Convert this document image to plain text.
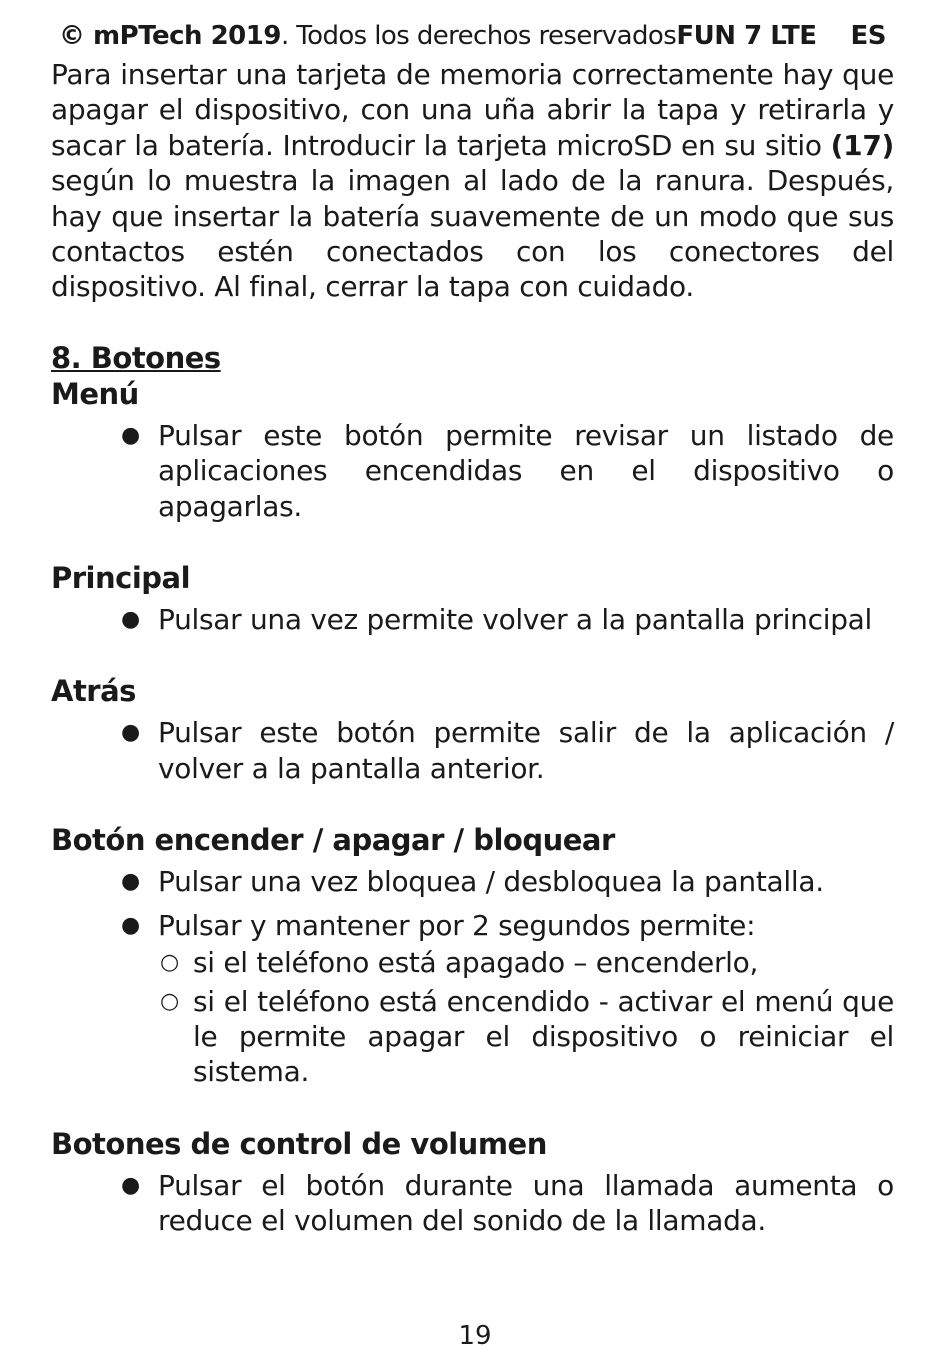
© mPTech 2019. Todos los derechos reservados.
FUN 7 LTE ES

Para insertar una tarjeta de memoria correctamente hay que apagar el dispositivo, con una uña abrir la tapa y retirarla y sacar la batería. Introducir la tarjeta microSD en su sitio (17) según lo muestra la imagen al lado de la ranura. Después, hay que insertar la batería suavemente de un modo que sus contactos estén conectados con los conectores del dispositivo. Al final, cerrar la tapa con cuidado.

8. Botones
Menú
● Pulsar este botón permite revisar un listado de aplicaciones encendidas en el dispositivo o apagarlas.
Principal
● Pulsar una vez permite volver a la pantalla principal
Atrás
● Pulsar este botón permite salir de la aplicación / volver a la pantalla anterior.
Botón encender / apagar / bloquear
● Pulsar una vez bloquea / desbloquea la pantalla.
● Pulsar y mantener por 2 segundos permite:
○ si el teléfono está apagado – encenderlo,
○ si el teléfono está encendido - activar el menú que le permite apagar el dispositivo o reiniciar el sistema.
Botones de control de volumen
● Pulsar el botón durante una llamada aumenta o reduce el volumen del sonido de la llamada.
19
